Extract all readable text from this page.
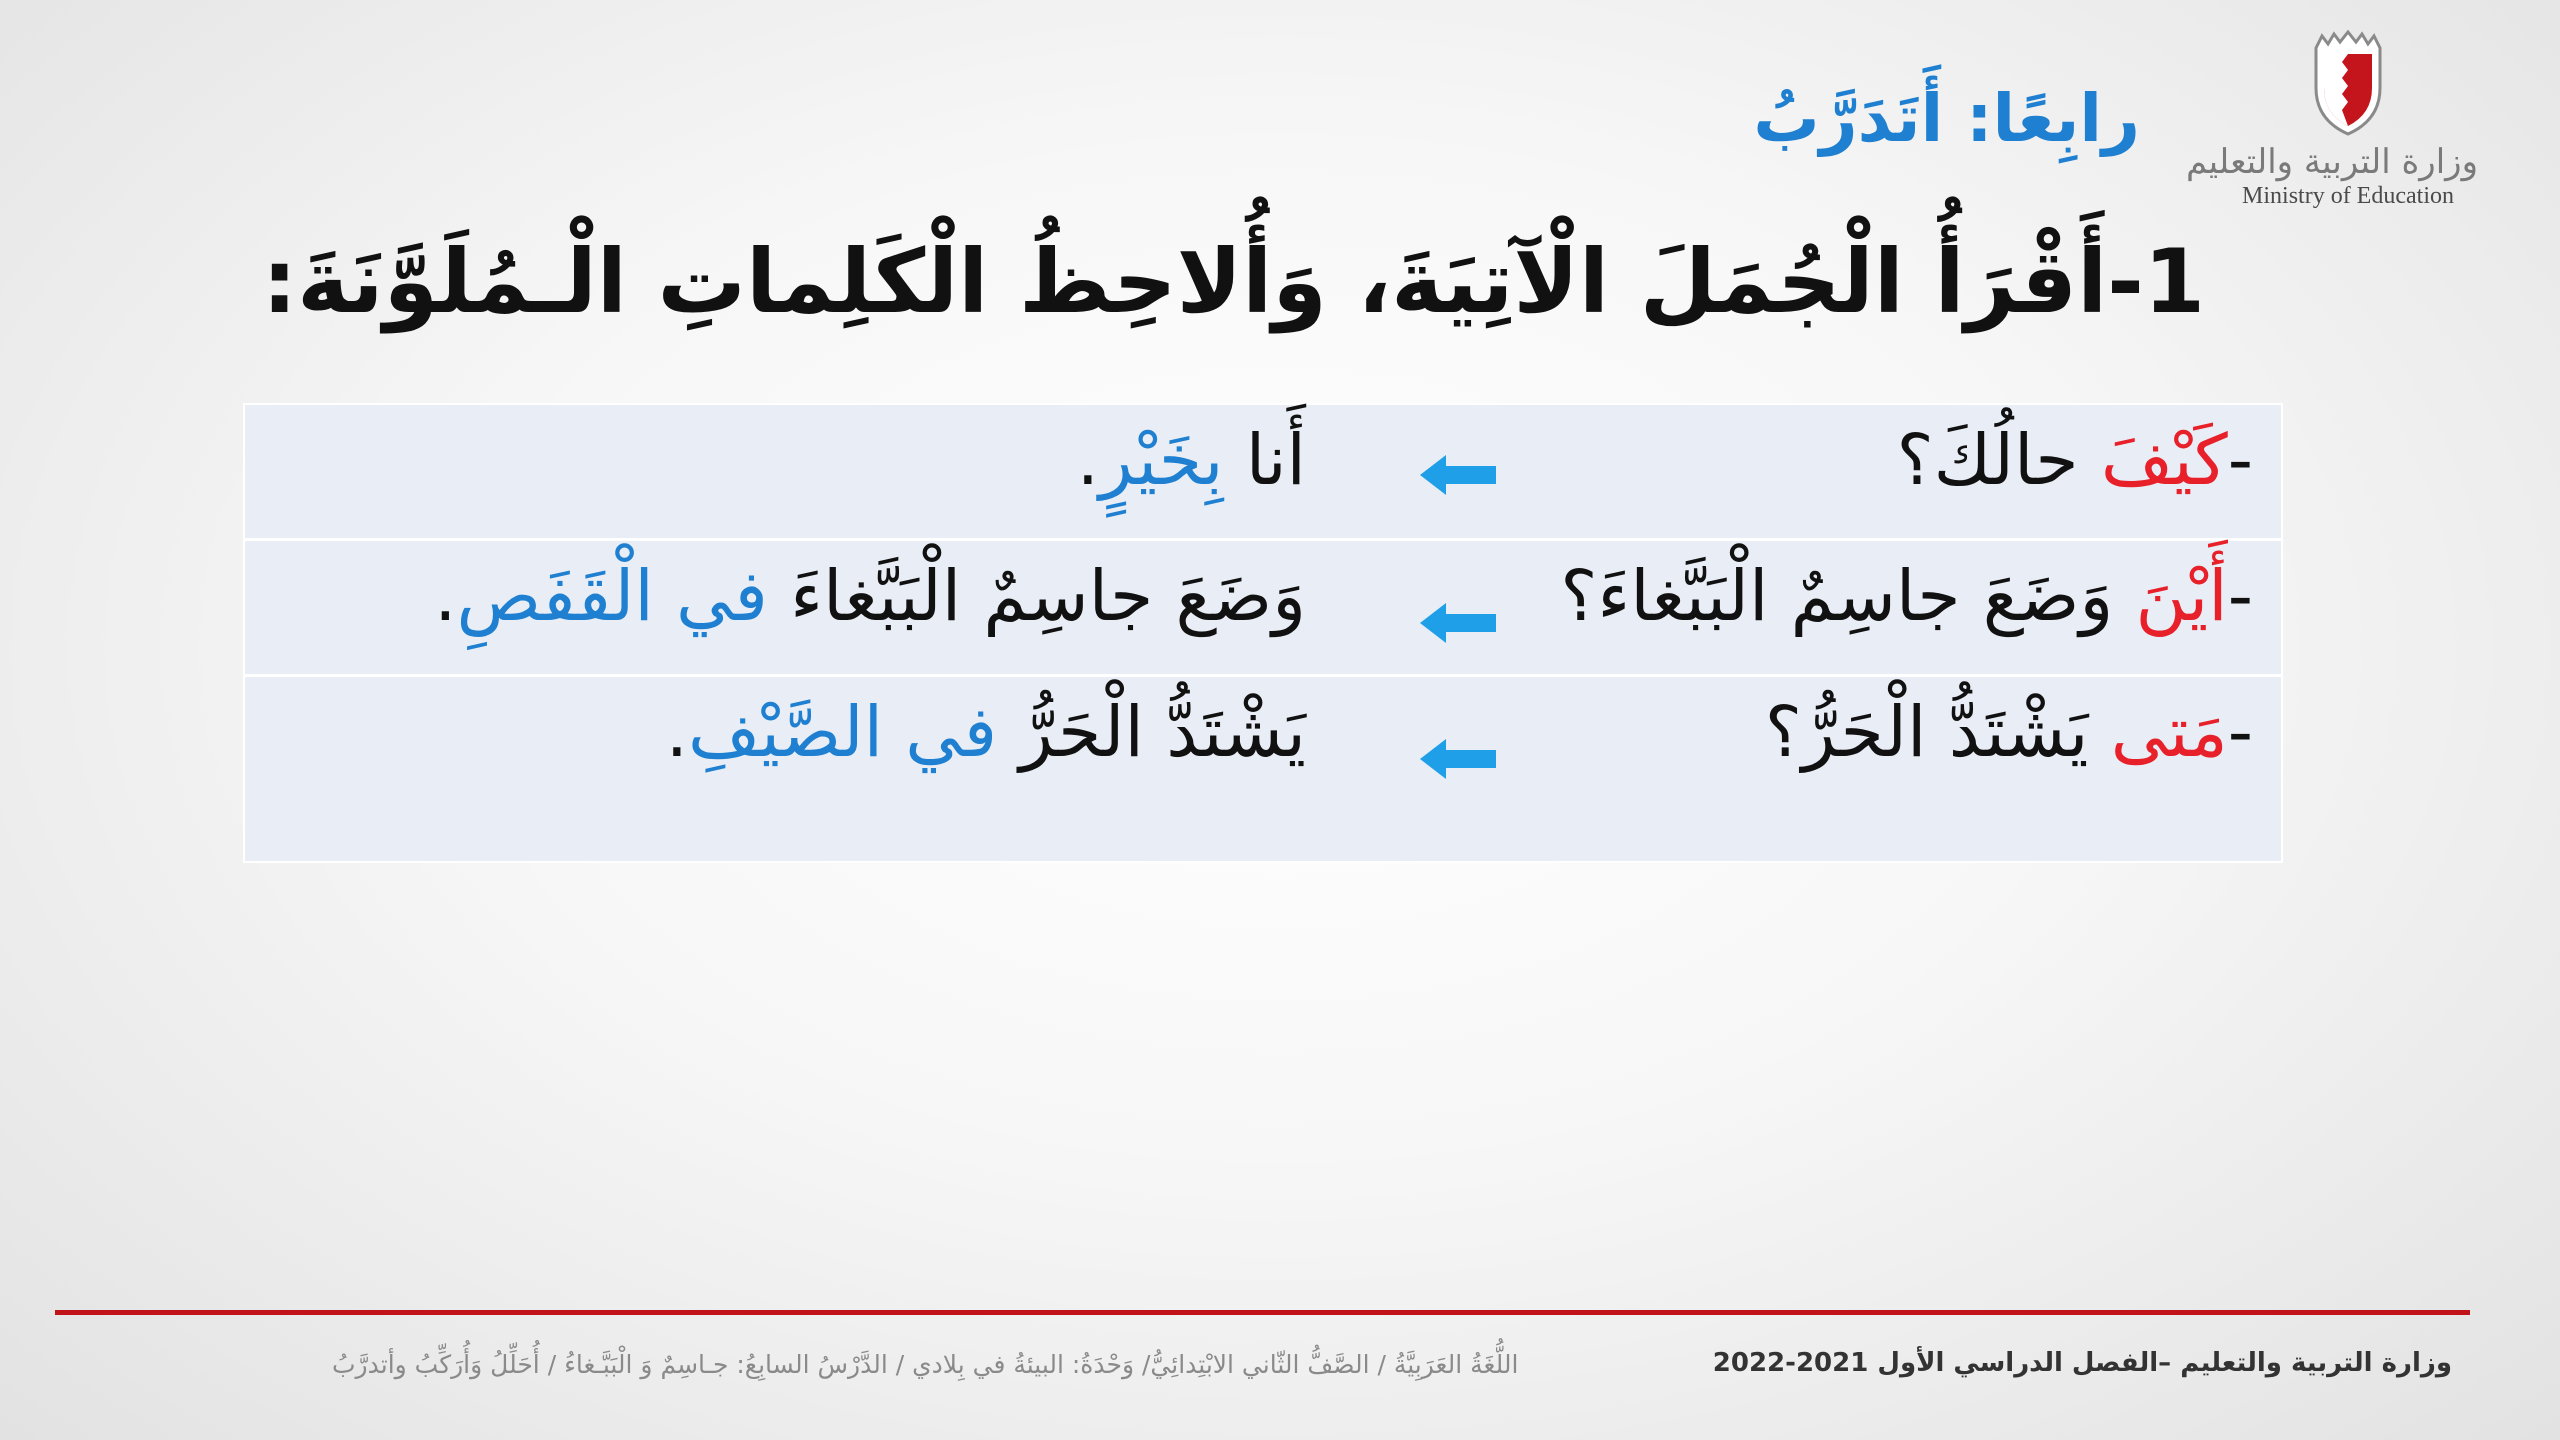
وزارة التربية والتعليم
Ministry of Education
رابِعًا: أَتَدَرَّبُ
1-أَقْرَأُ الْجُمَلَ الْآتِيَةَ، وَأُلاحِظُ الْكَلِماتِ الْـمُلَوَّنَةَ:
-كَيْفَ حالُكَ؟
أَنا بِخَيْرٍ.
-أَيْنَ وَضَعَ جاسِمٌ الْبَبَّغاءَ؟
وَضَعَ جاسِمٌ الْبَبَّغاءَ في الْقَفَصِ.
-مَتى يَشْتَدُّ الْحَرُّ؟
يَشْتَدُّ الْحَرُّ في الصَّيْفِ.
وزارة التربية والتعليم –الفصل الدراسي الأول 2021-2022
اللُّغَةُ العَرَبِيَّةُ / الصَّفُّ الثّاني الابْتِدائِيُّ/ وَحْدَةُ: البيئةُ في بِلادي / الدَّرْسُ السابِعُ: جـاسِمٌ وَ الْبَبَّـغاءُ / أُحَلِّلُ وَأُرَكِّبُ وأتدرَّبُ
